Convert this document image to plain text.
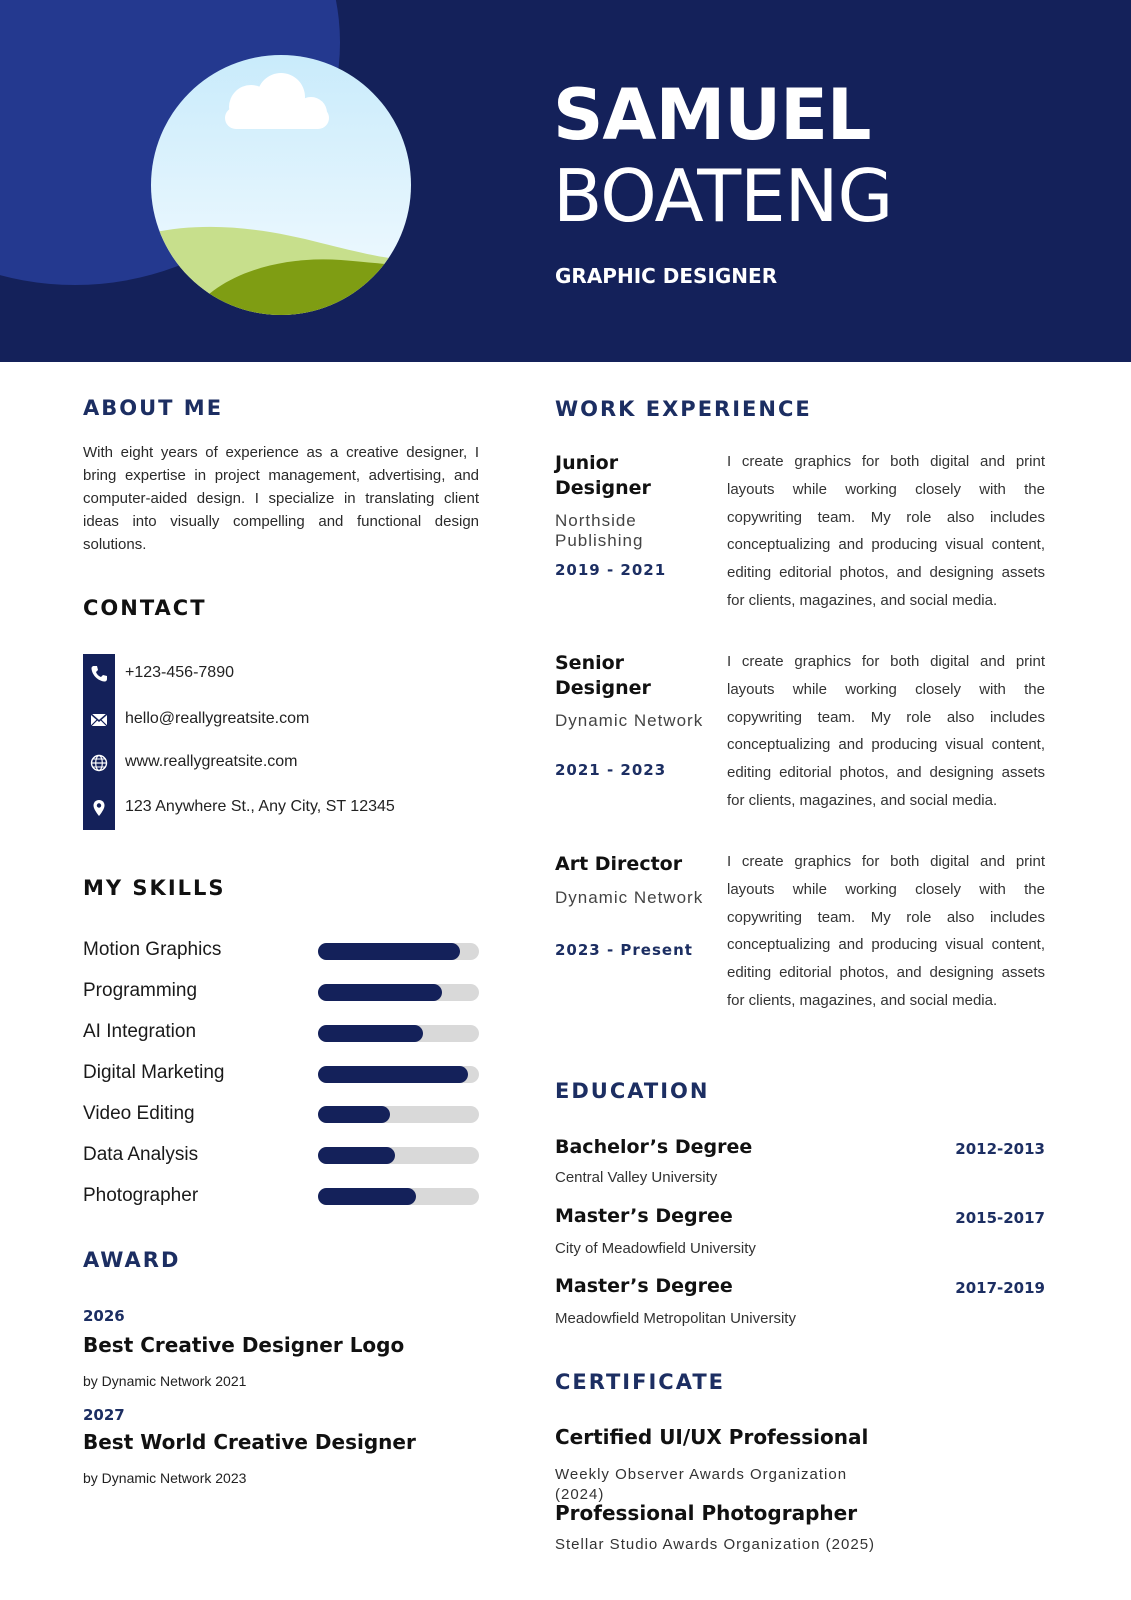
SAMUEL
BOATENG
GRAPHIC DESIGNER
ABOUT ME
With eight years of experience as a creative designer, I bring expertise in project management, advertising, and computer-aided design. I specialize in translating client ideas into visually compelling and functional design solutions.
CONTACT
+123-456-7890
hello@reallygreatsite.com
www.reallygreatsite.com
123 Anywhere St., Any City, ST 12345
MY SKILLS
Motion Graphics
Programming
AI Integration
Digital Marketing
Video Editing
Data Analysis
Photographer
AWARD
2026
Best Creative Designer Logo
by Dynamic Network 2021
2027
Best World Creative Designer
by Dynamic Network 2023
WORK EXPERIENCE
Junior Designer
Northside Publishing
2019 - 2021
I create graphics for both digital and print layouts while working closely with the copywriting team. My role also includes conceptualizing and producing visual content, editing editorial photos, and designing assets for clients, magazines, and social media.
Senior Designer
Dynamic Network
2021 - 2023
I create graphics for both digital and print layouts while working closely with the copywriting team. My role also includes conceptualizing and producing visual content, editing editorial photos, and designing assets for clients, magazines, and social media.
Art Director
Dynamic Network
2023 - Present
I create graphics for both digital and print layouts while working closely with the copywriting team. My role also includes conceptualizing and producing visual content, editing editorial photos, and designing assets for clients, magazines, and social media.
EDUCATION
Bachelor’s Degree	2012-2013
Central Valley University
Master’s Degree	2015-2017
City of Meadowfield University
Master’s Degree	2017-2019
Meadowfield Metropolitan University
CERTIFICATE
Certified UI/UX Professional
Weekly Observer Awards Organization (2024)
Professional Photographer
Stellar Studio Awards Organization (2025)
